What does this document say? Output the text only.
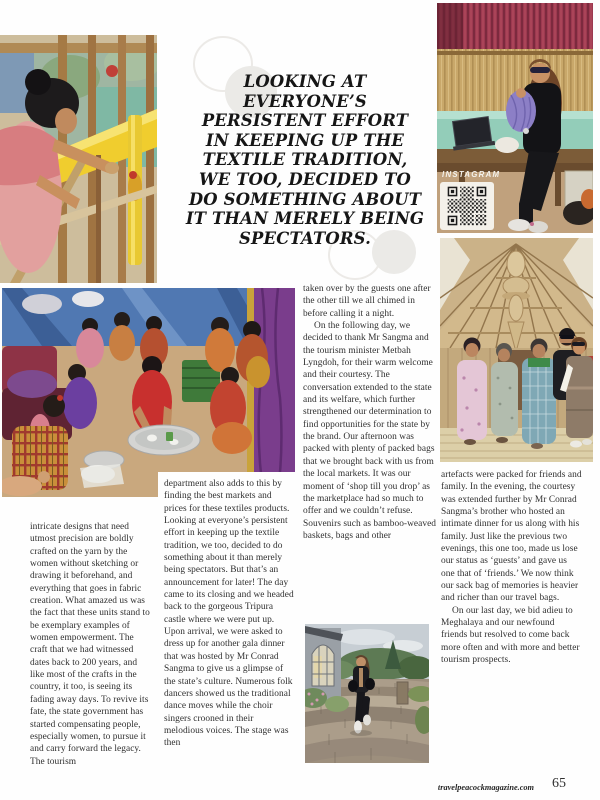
LOOKING AT
EVERYONE’S
PERSISTENT EFFORT
IN KEEPING UP THE
TEXTILE TRADITION,
WE TOO, DECIDED TO
DO SOMETHING ABOUT
IT THAN MERELY BEING
SPECTATORS.
INSTAGRAM

intricate designs that need utmost precision are boldly crafted on the yarn by the women without sketching or drawing it beforehand, and everything that goes in fabric creation. What amazed us was the fact that these units stand to be exemplary examples of women empowerment. The craft that we had witnessed dates back to 200 years, and like most of the crafts in the country, it too, is seeing its fading away days. To revive its fate, the state government has started compensating people, especially women, to pursue it and carry forward the legacy. The tourism

department also adds to this by finding the best markets and prices for these textiles products. Looking at everyone’s persistent effort in keeping up the textile tradition, we too, decided to do something about it than merely being spectators. But that’s an announcement for later! The day came to its closing and we headed back to the gorgeous Tripura castle where we were put up. Upon arrival, we were asked to dress up for another gala dinner that was hosted by Mr Conrad Sangma to give us a glimpse of the state’s culture. Numerous folk dancers showed us the traditional dance moves while the choir singers crooned in their melodious voices. The stage was then

taken over by the guests one after the other till we all chimed in before calling it a night.

On the following day, we decided to thank Mr Sangma and the tourism minister Metbah Lyngdoh, for their warm welcome and their courtesy. The conversation extended to the state and its welfare, which further strengthened our determination to find opportunities for the state by the brand. Our afternoon was packed with plenty of packed bags that we brought back with us from the local markets. It was our moment of ‘shop till you drop’ as the marketplace had so much to offer and we couldn’t refuse. Souvenirs such as bamboo-weaved baskets, bags and other

artefacts were packed for friends and family. In the evening, the courtesy was extended further by Mr Conrad Sangma’s brother who hosted an intimate dinner for us along with his family. Just like the previous two evenings, this one too, made us lose our status as ‘guests’ and gave us one that of ‘friends.’ We now think our sack bag of memories is heavier and richer than our travel bags.

On our last day, we bid adieu to Meghalaya and our newfound friends but resolved to come back more often and with more and better tourism prospects.

travelpeacockmagazine.com 65
